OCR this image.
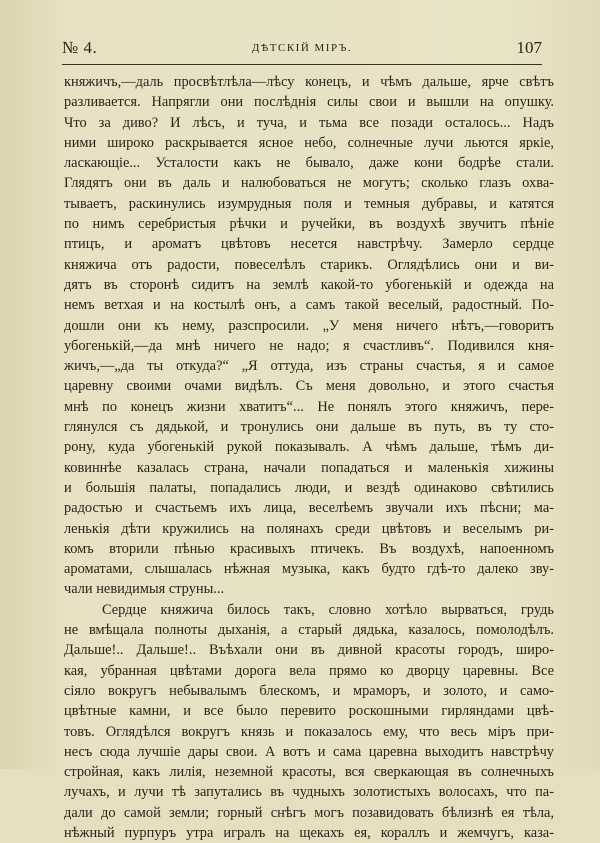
№ 4.	ДѢТСКІЙ МІРЪ.	107
княжичъ,—даль просвѣтлѣла—лѣсу конецъ, и чѣмъ дальше, ярче свѣтъ
разливается. Напрягли они послѣднія силы свои и вышли на опушку.
Что за диво? И лѣсъ, и туча, и тьма все позади осталось... Надъ
ними широко раскрывается ясное небо, солнечные лучи льются яркіе,
ласкающіе... Усталости какъ не бывало, даже кони бодрѣе стали.
Глядятъ они въ даль и налюбоваться не могутъ; сколько глазъ охва-
тываетъ, раскинулись изумрудныя поля и темныя дубравы, и катятся
по нимъ серебристыя рѣчки и ручейки, въ воздухѣ звучитъ пѣніе
птицъ, и ароматъ цвѣтовъ несется навстрѣчу. Замерло сердце
княжича отъ радости, повеселѣлъ старикъ. Оглядѣлись они и ви-
дятъ въ сторонѣ сидитъ на землѣ какой-то убогенькій и одежда на
немъ ветхая и на костылѣ онъ, а самъ такой веселый, радостный. По-
дошли они къ нему, разспросили. „У меня ничего нѣтъ,—говоритъ
убогенькій,—да мнѣ ничего не надо; я счастливъ“. Подивился кня-
жичъ,—„да ты откуда?“ „Я оттуда, изъ страны счастья, я и самое
царевну своими очами видѣлъ. Съ меня довольно, и этого счастья
мнѣ по конецъ жизни хватитъ“... Не понялъ этого княжичъ, пере-
глянулся съ дядькой, и тронулись они дальше въ путь, въ ту сто-
рону, куда убогенькій рукой показывалъ. А чѣмъ дальше, тѣмъ ди-
ковиннѣе казалась страна, начали попадаться и маленькія хижины
и большія палаты, попадались люди, и вездѣ одинаково свѣтились
радостью и счастьемъ ихъ лица, веселѣемъ звучали ихъ пѣсни; ма-
ленькія дѣти кружились на полянахъ среди цвѣтовъ и веселымъ ри-
комъ вторили пѣнью красивыхъ птичекъ. Въ воздухѣ, напоенномъ
ароматами, слышалась нѣжная музыка, какъ будто гдѣ-то далеко зву-
чали невидимыя струны...
Сердце княжича билось такъ, словно хотѣло вырваться, грудь
не вмѣщала полноты дыханія, а старый дядька, казалось, помолодѣлъ.
Дальше!.. Дальше!.. Въѣхали они въ дивной красоты городъ, широ-
кая, убранная цвѣтами дорога вела прямо ко дворцу царевны. Все
сіяло вокругъ небывалымъ блескомъ, и мраморъ, и золото, и само-
цвѣтные камни, и все было перевито роскошными гирляндами цвѣ-
товъ. Оглядѣлся вокругъ князь и показалось ему, что весь міръ при-
несъ сюда лучшіе дары свои. А вотъ и сама царевна выходитъ навстрѣчу
стройная, какъ лилія, неземной красоты, вся сверкающая въ солнечныхъ
лучахъ, и лучи тѣ запутались въ чудныхъ золотистыхъ волосахъ, что па-
дали до самой земли; горный снѣгъ могъ позавидовать бѣлизнѣ ея тѣла,
нѣжный пурпуръ утра игралъ на щекахъ ея, кораллъ и жемчугъ, каза-
